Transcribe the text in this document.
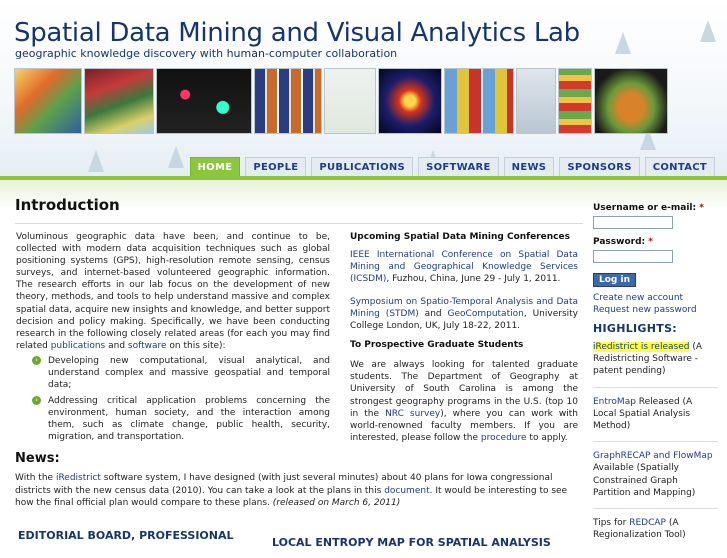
Spatial Data Mining and Visual Analytics Lab
geographic knowledge discovery with human-computer collaboration
HOME	PEOPLE	PUBLICATIONS	SOFTWARE	NEWS	SPONSORS	CONTACT
Introduction
Voluminous geographic data have been, and continue to be, collected with modern data acquisition techniques such as global positioning systems (GPS), high-resolution remote sensing, census surveys, and internet-based volunteered geographic information. The research efforts in our lab focus on the development of new theory, methods, and tools to help understand massive and complex spatial data, acquire new insights and knowledge, and better support decision and policy making. Specifically, we have been conducting research in the following closely related areas (for each you may find related publications and software on this site):
›	Developing new computational, visual analytical, and understand complex and massive geospatial and temporal data;
›	Addressing critical application problems concerning the environment, human society, and the interaction among them, such as climate change, public health, security, migration, and transportation.
Upcoming Spatial Data Mining Conferences
IEEE International Conference on Spatial Data Mining and Geographical Knowledge Services (ICSDM), Fuzhou, China, June 29 - July 1, 2011.
Symposium on Spatio-Temporal Analysis and Data Mining (STDM) and GeoComputation, University College London, UK, July 18-22, 2011.
To Prospective Graduate Students
We are always looking for talented graduate students. The Department of Geography at University of South Carolina is among the strongest geography programs in the U.S. (top 10 in the NRC survey), where you can work with world-renowned faculty members. If you are interested, please follow the procedure to apply.
News:
With the iRedistrict software system, I have designed (with just several minutes) about 40 plans for Iowa congressional districts with the new census data (2010). You can take a look at the plans in this document. It would be interesting to see how the final official plan would compare to these plans. (released on March 6, 2011)
EDITORIAL BOARD, PROFESSIONAL
LOCAL ENTROPY MAP FOR SPATIAL ANALYSIS
Username or e-mail: *
Password: *
Log in
Create new account
Request new password
HIGHLIGHTS:
iRedistrict is released (A Redistricting Software - patent pending)
EntroMap Released (A Local Spatial Analysis Method)
GraphRECAP and FlowMap Available (Spatially Constrained Graph Partition and Mapping)
Tips for REDCAP (A Regionalization Tool)
